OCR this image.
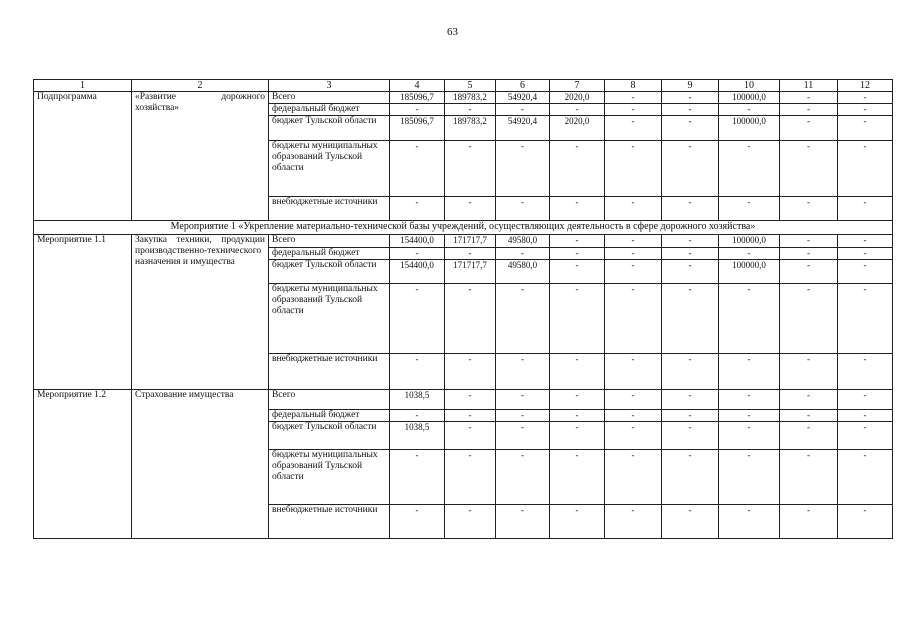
63
1	2	3	4	5	6	7	8	9	10	11	12
Подпрограмма	«Развитие дорожного хозяйства»	Всего	185096,7	189783,2	54920,4	2020,0	-	-	100000,0	-	-
		федеральный бюджет	-	-	-	-	-	-	-	-	-
		бюджет Тульской области	185096,7	189783,2	54920,4	2020,0	-	-	100000,0	-	-
		бюджеты муниципальных образований Тульской области	-	-	-	-	-	-	-	-	-
		внебюджетные источники	-	-	-	-	-	-	-	-	-
Мероприятие 1 «Укрепление материально-технической базы учреждений, осуществляющих деятельность в сфере дорожного хозяйства»											
Мероприятие 1.1	Закупка техники, продукции производственно-технического назначения и имущества	Всего	154400,0	171717,7	49580,0	-	-	-	100000,0	-	-
		федеральный бюджет	-	-	-	-	-	-	-	-	-
		бюджет Тульской области	154400,0	171717,7	49580,0	-	-	-	100000,0	-	-
		бюджеты муниципальных образований Тульской области	-	-	-	-	-	-	-	-	-
		внебюджетные источники	-	-	-	-	-	-	-	-	-
Мероприятие 1.2	Страхование имущества	Всего	1038,5	-	-	-	-	-	-	-	-
		федеральный бюджет	-	-	-	-	-	-	-	-	-
		бюджет Тульской области	1038,5	-	-	-	-	-	-	-	-
		бюджеты муниципальных образований Тульской области	-	-	-	-	-	-	-	-	-
		внебюджетные источники	-	-	-	-	-	-	-	-	-
